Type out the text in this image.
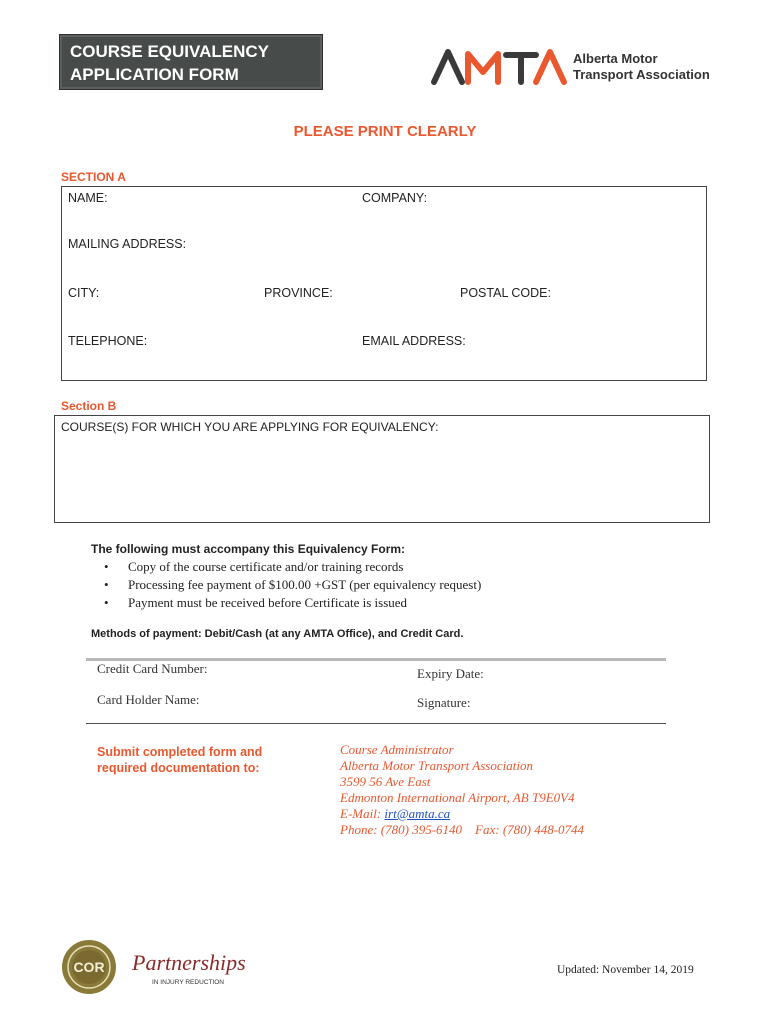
COURSE EQUIVALENCY
APPLICATION FORM
Alberta Motor
Transport Association
PLEASE PRINT CLEARLY
SECTION A
NAME:	COMPANY:
MAILING ADDRESS:
CITY:	PROVINCE:	POSTAL CODE:
TELEPHONE:	EMAIL ADDRESS:
Section B
COURSE(S) FOR WHICH YOU ARE APPLYING FOR EQUIVALENCY:
The following must accompany this Equivalency Form:
• Copy of the course certificate and/or training records
• Processing fee payment of $100.00 +GST (per equivalency request)
• Payment must be received before Certificate is issued
Methods of payment: Debit/Cash (at any AMTA Office), and Credit Card.
Credit Card Number:	Expiry Date:
Card Holder Name:	Signature:
Submit completed form and
required documentation to:
Course Administrator
Alberta Motor Transport Association
3599 56 Ave East
Edmonton International Airport, AB T9E0V4
E-Mail: irt@amta.ca
Phone: (780) 395-6140 Fax: (780) 448-0744
COR Partnerships
IN INJURY REDUCTION
Updated: November 14, 2019
